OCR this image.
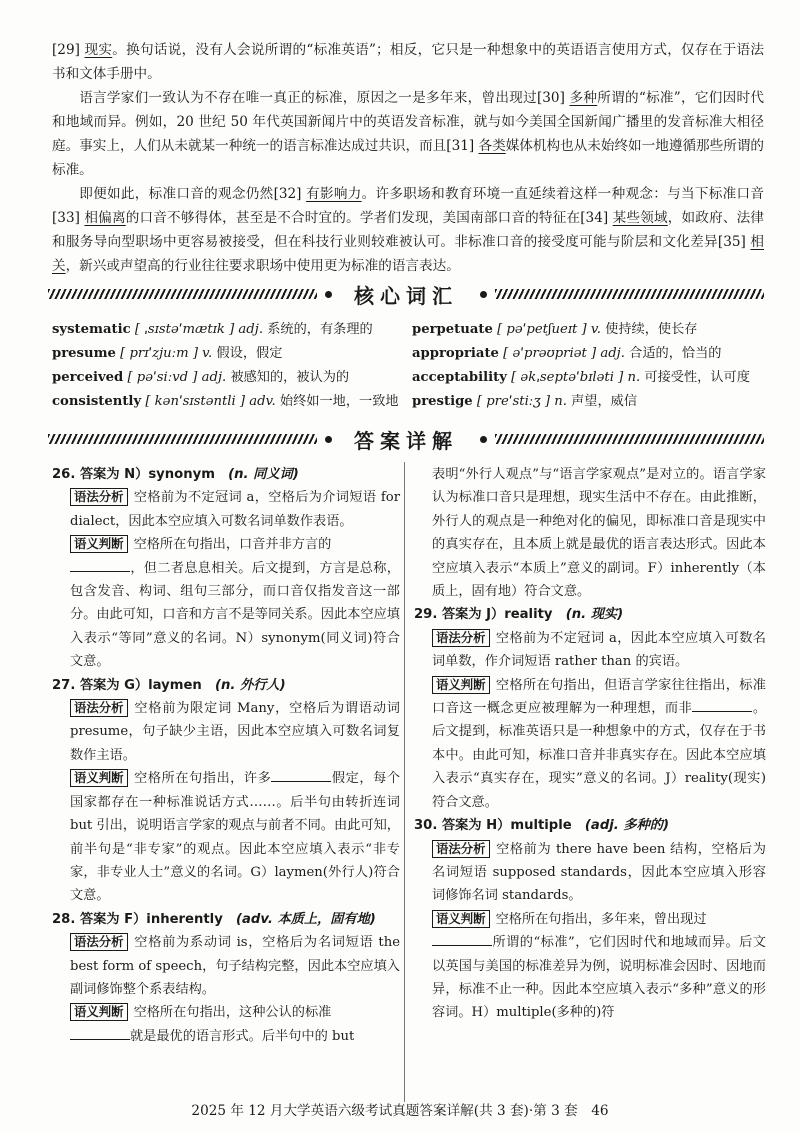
[29] 现实。换句话说，没有人会说所谓的“标准英语”；相反，它只是一种想象中的英语语言使用方式，仅存在于语法书和文体手册中。

语言学家们一致认为不存在唯一真正的标准，原因之一是多年来，曾出现过[30] 多种所谓的“标准”，它们因时代和地域而异。例如，20 世纪 50 年代英国新闻片中的英语发音标准，就与如今美国全国新闻广播里的发音标准大相径庭。事实上，人们从未就某一种统一的语言标准达成过共识，而且[31] 各类媒体机构也从未始终如一地遵循那些所谓的标准。

即便如此，标准口音的观念仍然[32] 有影响力。许多职场和教育环境一直延续着这样一种观念：与当下标准口音[33] 相偏离的口音不够得体，甚至是不合时宜的。学者们发现，美国南部口音的特征在[34] 某些领域，如政府、法律和服务导向型职场中更容易被接受，但在科技行业则较难被认可。非标准口音的接受度可能与阶层和文化差异[35] 相关，新兴或声望高的行业往往要求职场中使用更为标准的语言表达。

核心词汇
systematic [ ˌsɪstəˈmætɪk ] adj. 系统的，有条理的
presume [ prɪˈzjuːm ] v. 假设，假定
perceived [ pəˈsiːvd ] adj. 被感知的，被认为的
consistently [ kənˈsɪstəntli ] adv. 始终如一地，一致地
perpetuate [ pəˈpetʃueɪt ] v. 使持续，使长存
appropriate [ əˈprəʊpriət ] adj. 合适的，恰当的
acceptability [ əkˌseptəˈbɪləti ] n. 可接受性，认可度
prestige [ preˈstiːʒ ] n. 声望，威信
答案详解

26. 答案为 N）synonym　 (n. 同义词)

语法分析 空格前为不定冠词 a，空格后为介词短语 for dialect，因此本空应填入可数名词单数作表语。

语义判断 空格所在句指出，口音并非方言的
，但二者息息相关。后文提到，方言是总称，包含发音、构词、组句三部分，而口音仅指发音这一部分。由此可知，口音和方言不是等同关系。因此本空应填入表示“等同”意义的名词。N）synonym(同义词)符合文意。

27. 答案为 G）laymen　 (n. 外行人)

语法分析 空格前为限定词 Many，空格后为谓语动词 presume，句子缺少主语，因此本空应填入可数名词复数作主语。

语义判断 空格所在句指出，许多	假定，每个国家都存在一种标准说话方式……。后半句由转折连词 but 引出，说明语言学家的观点与前者不同。由此可知，前半句是“非专家”的观点。因此本空应填入表示“非专家，非专业人士”意义的名词。G）laymen(外行人)符合文意。

28. 答案为 F）inherently　 (adv. 本质上，固有地)

语法分析 空格前为系动词 is，空格后为名词短语 the best form of speech，句子结构完整，因此本空应填入副词修饰整个系表结构。

语义判断 空格所在句指出，这种公认的标准
就是最优的语言形式。后半句中的 but

表明“外行人观点”与“语言学家观点”是对立的。语言学家认为标准口音只是理想，现实生活中不存在。由此推断，外行人的观点是一种绝对化的偏见，即标准口音是现实中的真实存在，且本质上就是最优的语言表达形式。因此本空应填入表示“本质上”意义的副词。F）inherently（本质上，固有地）符合文意。

29. 答案为 J）reality　 (n. 现实)

语法分析 空格前为不定冠词 a，因此本空应填入可数名词单数，作介词短语 rather than 的宾语。

语义判断 空格所在句指出，但语言学家往往指出，标准口音这一概念更应被理解为一种理想，而非	。后文提到，标准英语只是一种想象中的方式，仅存在于书本中。由此可知，标准口音并非真实存在。因此本空应填入表示“真实存在，现实”意义的名词。J）reality(现实)符合文意。

30. 答案为 H）multiple　 (adj. 多种的)

语法分析 空格前为 there have been 结构，空格后为名词短语 supposed standards，因此本空应填入形容词修饰名词 standards。

语义判断 空格所在句指出，多年来，曾出现过
所谓的“标准”，它们因时代和地域而异。后文以英国与美国的标准差异为例，说明标准会因时、因地而异，标准不止一种。因此本空应填入表示“多种”意义的形容词。H）multiple(多种的)符

2025 年 12 月大学英语六级考试真题答案详解(共 3 套)·第 3 套　46
